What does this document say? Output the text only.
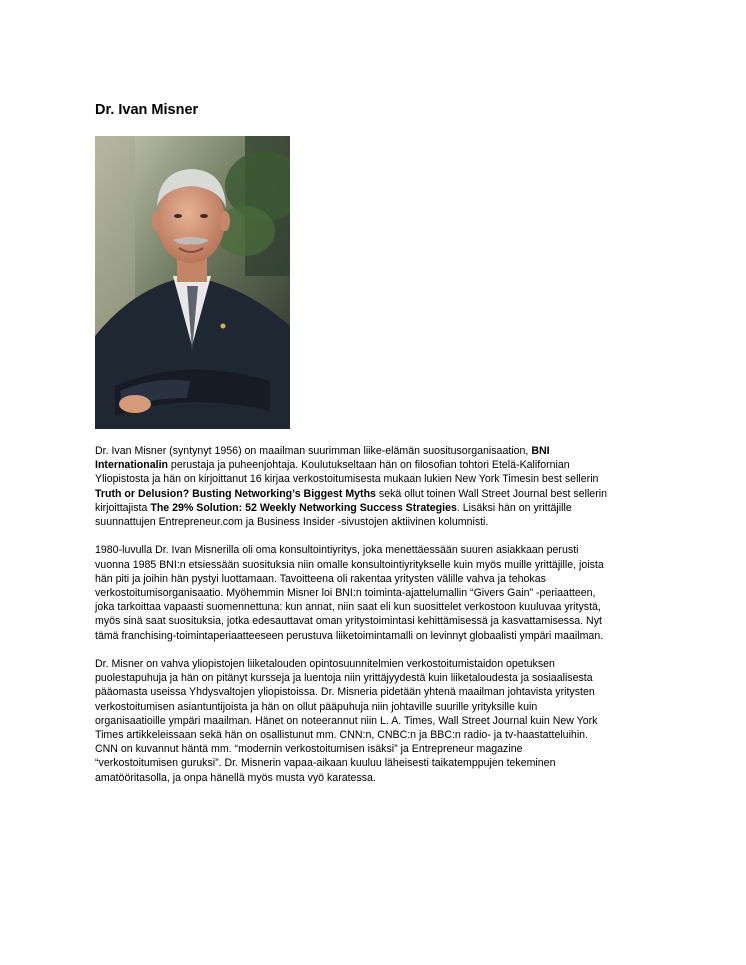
Dr. Ivan Misner

Dr. Ivan Misner (syntynyt 1956) on maailman suurimman liike-elämän suositusorganisaation, BNI
Internationalin perustaja ja puheenjohtaja. Koulutukseltaan hän on filosofian tohtori Etelä-Kalifornian
Yliopistosta ja hän on kirjoittanut 16 kirjaa verkostoitumisesta mukaan lukien New York Timesin best sellerin
Truth or Delusion? Busting Networking’s Biggest Myths sekä ollut toinen Wall Street Journal best sellerin
kirjoittajista The 29% Solution: 52 Weekly Networking Success Strategies. Lisäksi hän on yrittäjille
suunnattujen Entrepreneur.com ja Business Insider -sivustojen aktiivinen kolumnisti.

1980-luvulla Dr. Ivan Misnerilla oli oma konsultointiyritys, joka menettäessään suuren asiakkaan perusti
vuonna 1985 BNI:n etsiessään suosituksia niin omalle konsultointiyritykselle kuin myös muille yrittäjille, joista
hän piti ja joihin hän pystyi luottamaan. Tavoitteena oli rakentaa yritysten välille vahva ja tehokas
verkostoitumisorganisaatio. Myöhemmin Misner loi BNI:n toiminta-ajattelumallin “Givers Gain” -periaatteen,
joka tarkoittaa vapaasti suomennettuna: kun annat, niin saat eli kun suosittelet verkostoon kuuluvaa yritystä,
myös sinä saat suosituksia, jotka edesauttavat oman yritystoimintasi kehittämisessä ja kasvattamisessa. Nyt
tämä franchising-toimintaperiaatteeseen perustuva liiketoimintamalli on levinnyt globaalisti ympäri maailman.

Dr. Misner on vahva yliopistojen liiketalouden opintosuunnitelmien verkostoitumistaidon opetuksen
puolestapuhuja ja hän on pitänyt kursseja ja luentoja niin yrittäjyydestä kuin liiketaloudesta ja sosiaalisesta
pääomasta useissa Yhdysvaltojen yliopistoissa. Dr. Misneria pidetään yhtenä maailman johtavista yritysten
verkostoitumisen asiantuntijoista ja hän on ollut pääpuhuja niin johtaville suurille yrityksille kuin
organisaatioille ympäri maailman. Hänet on noteerannut niin L. A. Times, Wall Street Journal kuin New York
Times artikkeleissaan sekä hän on osallistunut mm. CNN:n, CNBC:n ja BBC:n radio- ja tv-haastatteluihin.
CNN on kuvannut häntä mm. “modernin verkostoitumisen isäksi” ja Entrepreneur magazine
“verkostoitumisen guruksi”. Dr. Misnerin vapaa-aikaan kuuluu läheisesti taikatemppujen tekeminen
amatööritasolla, ja onpa hänellä myös musta vyö karatessa.
